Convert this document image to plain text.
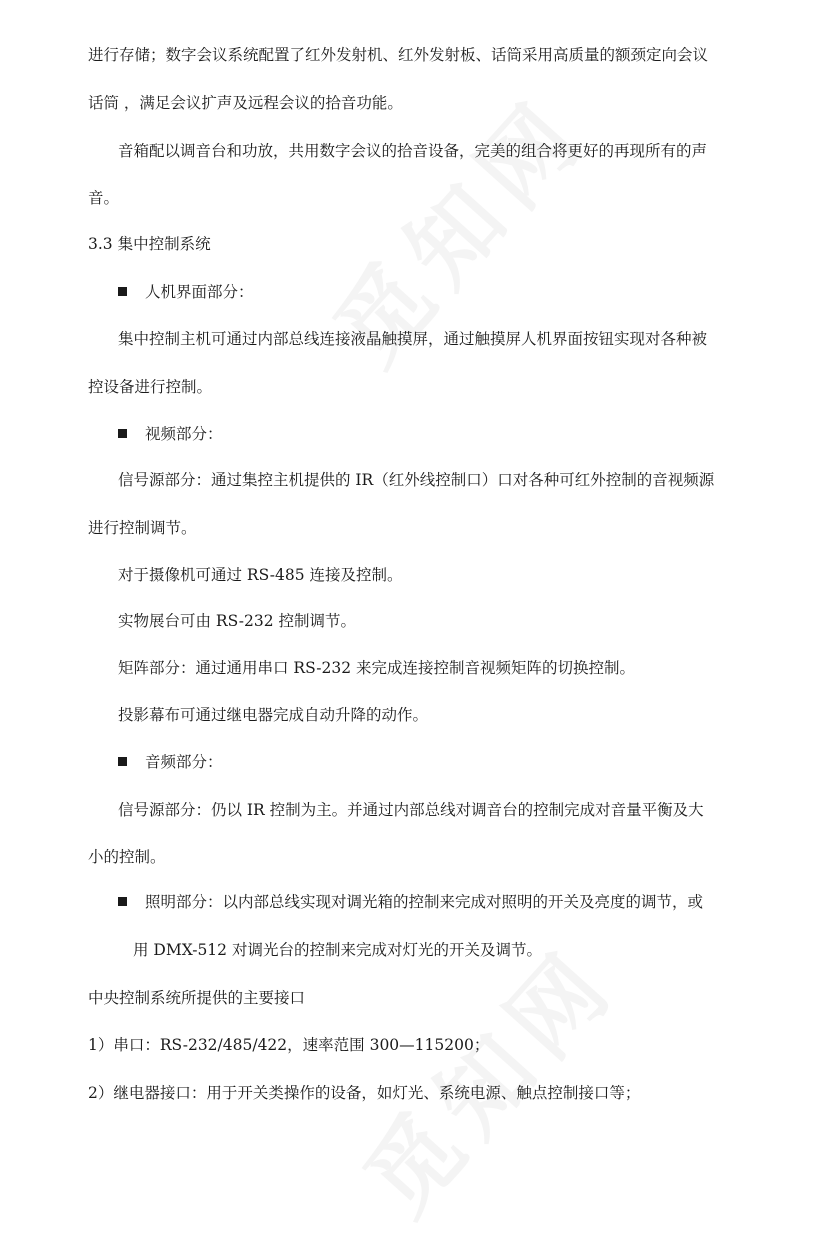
进行存储；数字会议系统配置了红外发射机、红外发射板、话筒采用高质量的额颈定向会议
话筒 ，满足会议扩声及远程会议的拾音功能。
音箱配以调音台和功放，共用数字会议的拾音设备，完美的组合将更好的再现所有的声
音。
3.3 集中控制系统
人机界面部分：
集中控制主机可通过内部总线连接液晶触摸屏，通过触摸屏人机界面按钮实现对各种被
控设备进行控制。
视频部分：
信号源部分：通过集控主机提供的 IR（红外线控制口）口对各种可红外控制的音视频源
进行控制调节。
对于摄像机可通过 RS-485 连接及控制。
实物展台可由 RS-232 控制调节。
矩阵部分：通过通用串口 RS-232 来完成连接控制音视频矩阵的切换控制。
投影幕布可通过继电器完成自动升降的动作。
音频部分：
信号源部分：仍以 IR 控制为主。并通过内部总线对调音台的控制完成对音量平衡及大
小的控制。
照明部分：以内部总线实现对调光箱的控制来完成对照明的开关及亮度的调节，或
用 DMX-512 对调光台的控制来完成对灯光的开关及调节。
中央控制系统所提供的主要接口
1）串口：RS-232/485/422，速率范围 300—115200；
2）继电器接口：用于开关类操作的设备，如灯光、系统电源、触点控制接口等；
